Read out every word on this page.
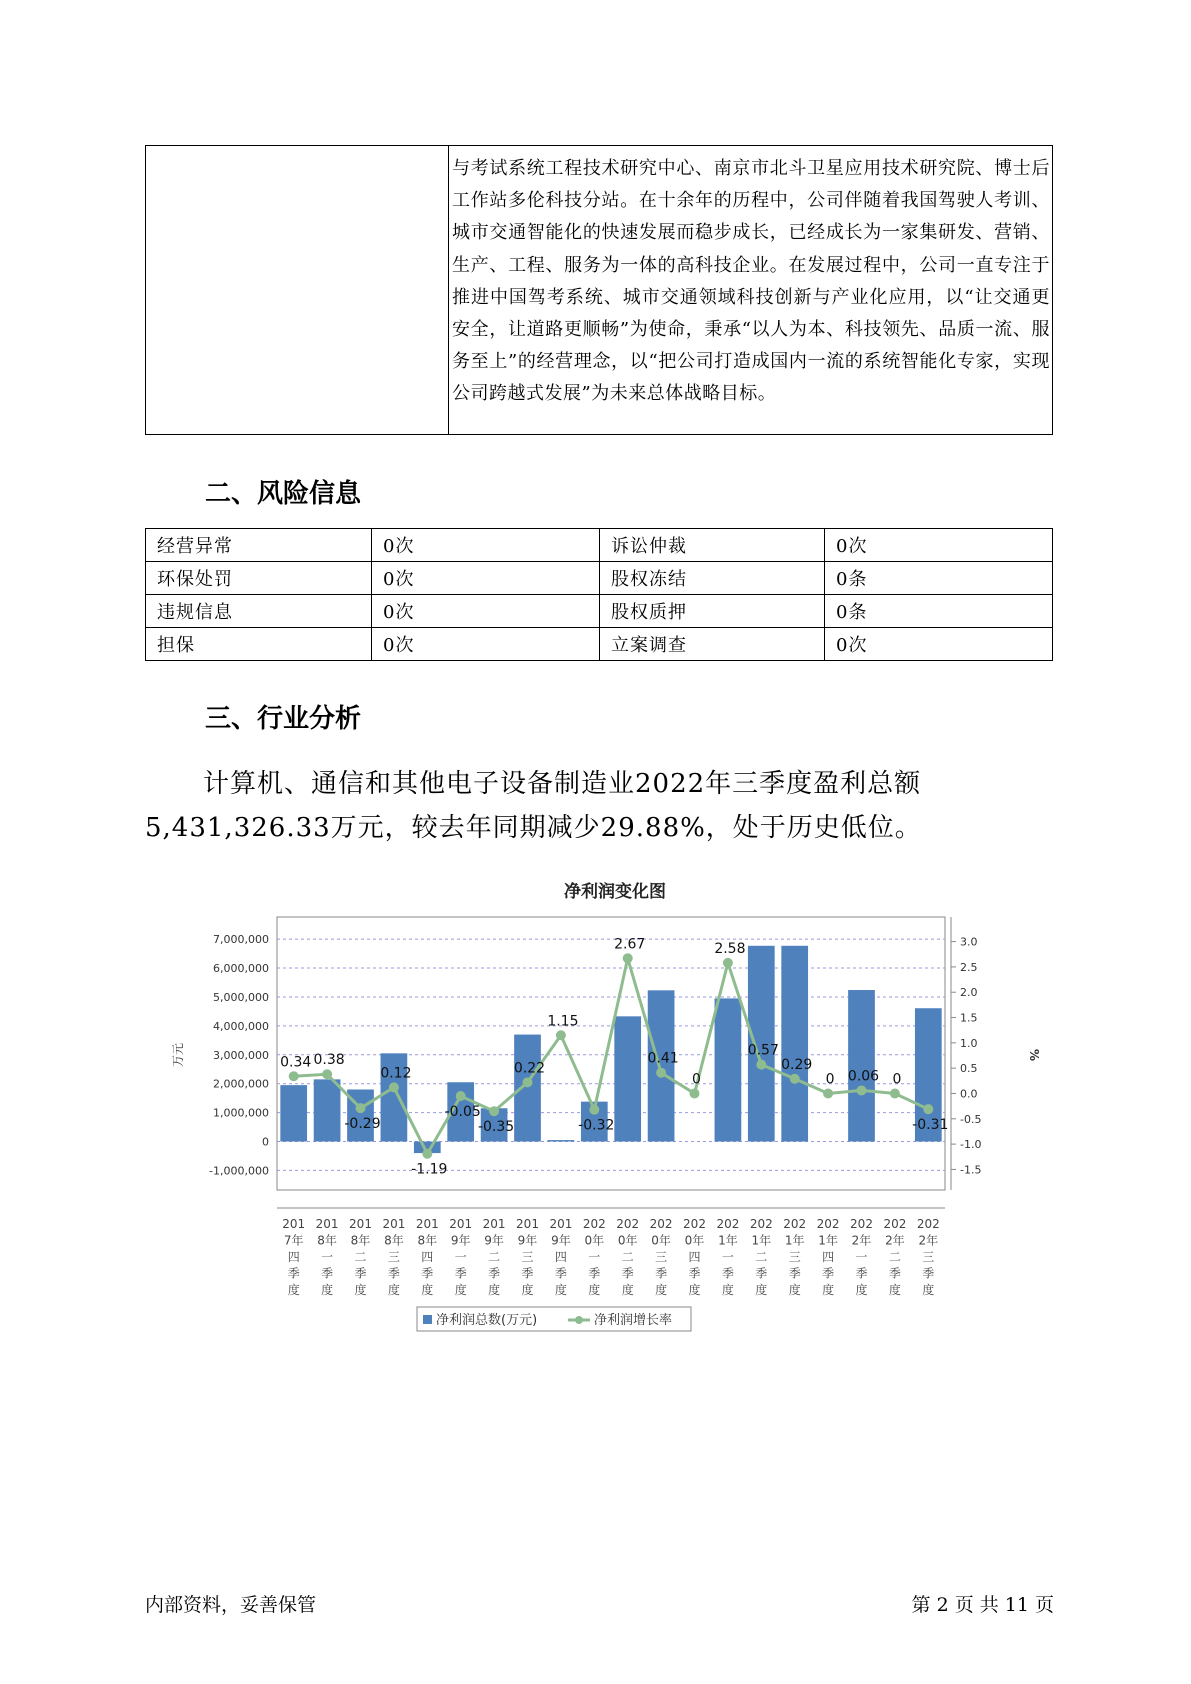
	与考试系统工程技术研究中心、南京市北斗卫星应用技术研究院、博士后工作站多伦科技分站。在十余年的历程中，公司伴随着我国驾驶人考训、城市交通智能化的快速发展而稳步成长，已经成长为一家集研发、营销、生产、工程、服务为一体的高科技企业。在发展过程中，公司一直专注于推进中国驾考系统、城市交通领域科技创新与产业化应用，以“让交通更安全，让道路更顺畅”为使命，秉承“以人为本、科技领先、品质一流、服务至上”的经营理念，以“把公司打造成国内一流的系统智能化专家，实现公司跨越式发展”为未来总体战略目标。
二、风险信息
经营异常	0次	诉讼仲裁	0次
环保处罚	0次	股权冻结	0条
违规信息	0次	股权质押	0条
担保	0次	立案调查	0次
三、行业分析
计算机、通信和其他电子设备制造业2022年三季度盈利总额5,431,326.33万元，较去年同期减少29.88%，处于历史低位。
净利润变化图
7,000,000
6,000,000
5,000,000
4,000,000
3,000,000
2,000,000
1,000,000
0
-1,000,000
3.0
2.5
2.0
1.5
1.0
0.5
0.0
-0.5
-1.0
-1.5
万元	%
0.34 0.38
-0.29
0.12
-1.19
-0.05
-0.35
0.22
1.15
-0.32
2.67
0.41
0
2.58
0.57
0.29
0 0.06 0
-0.31
201
7年
四
季
度
201
8年
一
季
度
201
8年
二
季
度
201
8年
三
季
度
201
8年
四
季
度
201
9年
一
季
度
201
9年
二
季
度
201
9年
三
季
度
201
9年
四
季
度
202
0年
一
季
度
202
0年
二
季
度
202
0年
三
季
度
202
0年
四
季
度
202
1年
一
季
度
202
1年
二
季
度
202
1年
三
季
度
202
1年
四
季
度
202
2年
一
季
度
202
2年
二
季
度
202
2年
三
季
度
净利润总数(万元)	净利润增长率
内部资料，妥善保管	第 2 页 共 11 页
